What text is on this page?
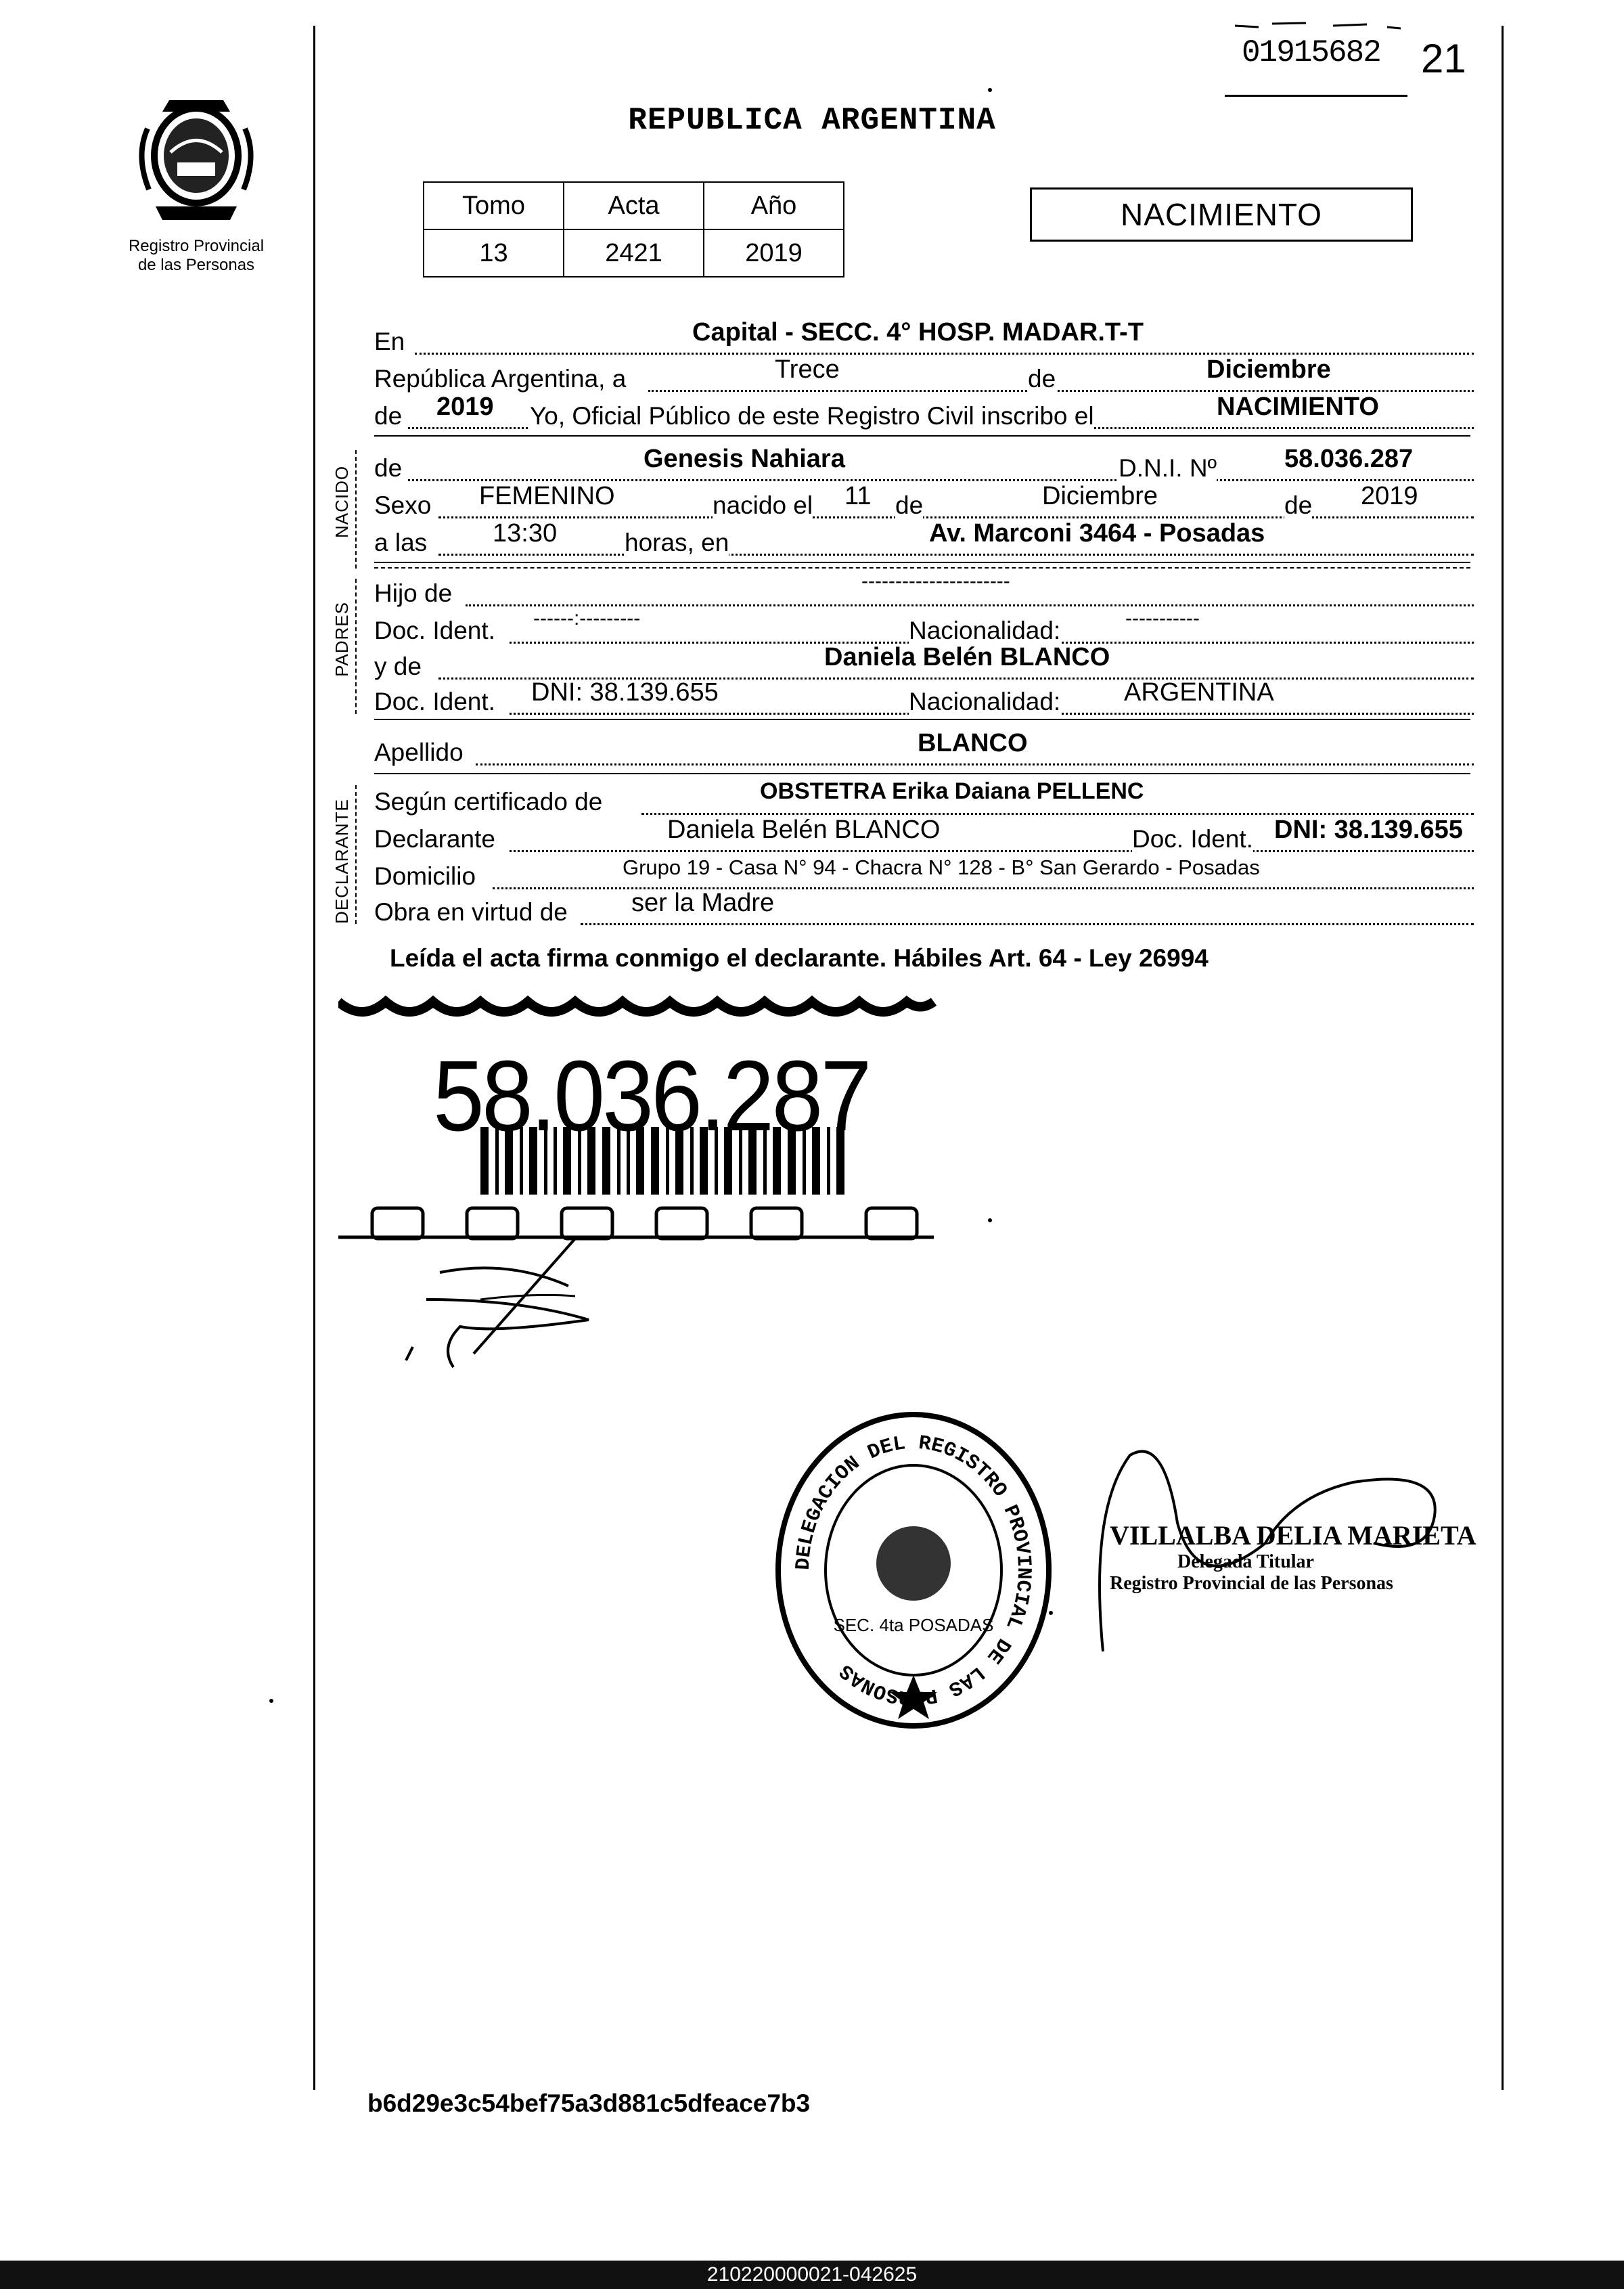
Registro Provincial
de las Personas
01915682 21
REPUBLICA ARGENTINA
Tomo	Acta	Año
13	2421	2019
NACIMIENTO
En	Capital - SECC. 4° HOSP. MADAR.T-T
República Argentina, a	Trece	de	Diciembre
de 2019 Yo, Oficial Público de este Registro Civil inscribo el	NACIMIENTO
NACIDO de	Genesis Nahiara	D.N.I. Nº	58.036.287
Sexo FEMENINO	nacido el 11 de	Diciembre	de 2019
a las	13:30	horas, en	Av. Marconi 3464 - Posadas
PADRES
Hijo de	----------------------
Doc. Ident. ------:---------	Nacionalidad:	-----------
y de	Daniela Belén BLANCO
Doc. Ident. DNI: 38.139.655	Nacionalidad: ARGENTINA
Apellido	BLANCO
DECLARANTE Según certificado de	OBSTETRA Erika Daiana PELLENC
Declarante	Daniela Belén BLANCO	Doc. Ident. DNI: 38.139.655
Domicilio	Grupo 19 - Casa N° 94 - Chacra N° 128 - B° San Gerardo - Posadas
Obra en virtud de ser la Madre
Leída el acta firma conmigo el declarante. Hábiles Art. 64 - Ley 26994
58.036.287
DELEGACION DEL REGISTRO PROVINCIAL DE LAS PERSONAS
SEC. 4ta POSADAS
VILLALBA DELIA MARIETA
Delegada Titular
Registro Provincial de las Personas
b6d29e3c54bef75a3d881c5dfeace7b3
210220000021-042625
